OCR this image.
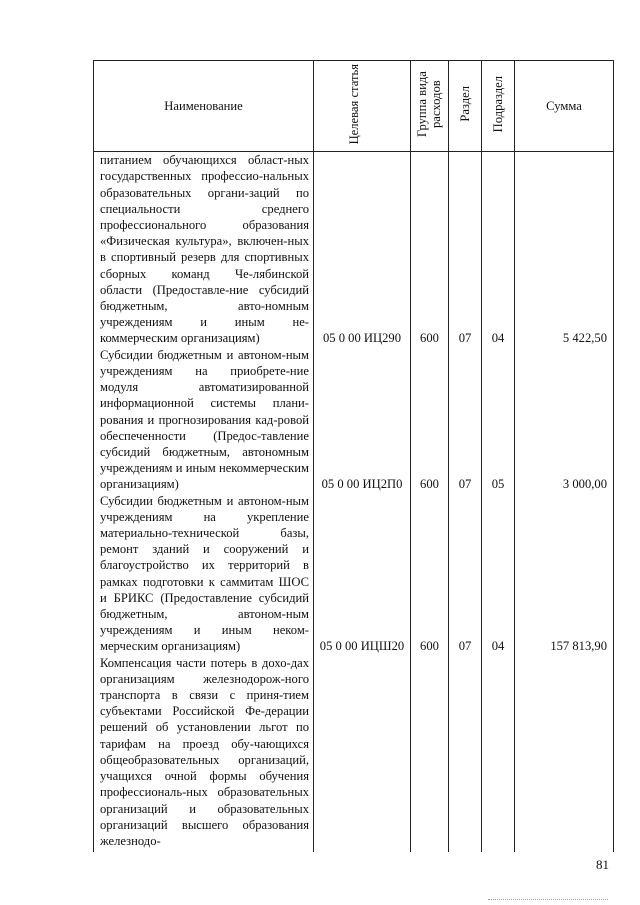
Наименование	Целевая статья	Группа вида расходов	Раздел	Подраздел	Сумма
питанием обучающихся област-ных государственных профессио-нальных образовательных органи-заций по специальности среднего профессионального образования «Физическая культура», включен-ных в спортивный резерв для спортивных сборных команд Че-лябинской области (Предоставле-ние субсидий бюджетным, авто-номным учреждениям и иным не-коммерческим организациям)	05 0 00 ИЦ290	600	07	04	5 422,50
Субсидии бюджетным и автоном-ным учреждениям на приобрете-ние модуля автоматизированной информационной системы плани-рования и прогнозирования кад-ровой обеспеченности (Предос-тавление субсидий бюджетным, автономным учреждениям и иным некоммерческим организациям)	05 0 00 ИЦ2П0	600	07	05	3 000,00
Субсидии бюджетным и автоном-ным учреждениям на укрепление материально-технической базы, ремонт зданий и сооружений и благоустройство их территорий в рамках подготовки к саммитам ШОС и БРИКС (Предоставление субсидий бюджетным, автоном-ным учреждениям и иным неком-мерческим организациям)	05 0 00 ИЦШ20	600	07	04	157 813,90
Компенсация части потерь в дохо-дах организациям железнодорож-ного транспорта в связи с приня-тием субъектами Российской Фе-дерации решений об установлении льгот по тарифам на проезд обу-чающихся общеобразовательных организаций, учащихся очной формы обучения профессиональ-ных образовательных организаций и образовательных организаций высшего образования железнодо-					
81
